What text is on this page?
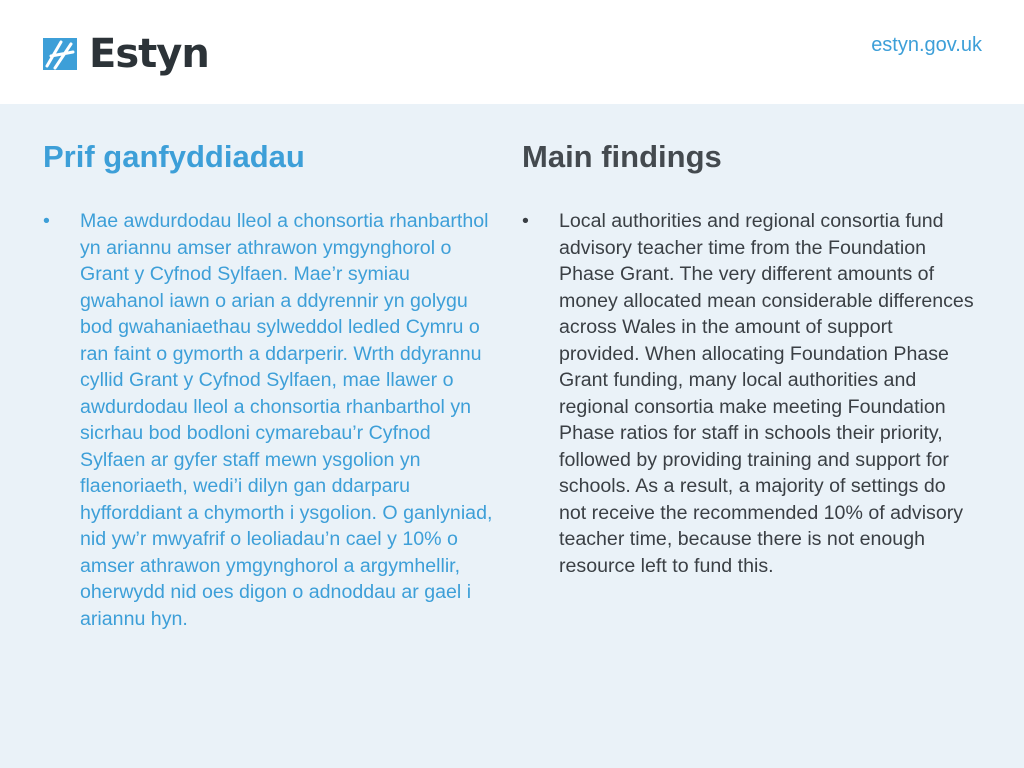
Estyn	estyn.gov.uk
Prif ganfyddiadau
• Mae awdurdodau lleol a chonsortia rhanbarthol yn ariannu amser athrawon ymgynghorol o Grant y Cyfnod Sylfaen. Mae’r symiau gwahanol iawn o arian a ddyrennir yn golygu bod gwahaniaethau sylweddol ledled Cymru o ran faint o gymorth a ddarperir. Wrth ddyrannu cyllid Grant y Cyfnod Sylfaen, mae llawer o awdurdodau lleol a chonsortia rhanbarthol yn sicrhau bod bodloni cymarebau’r Cyfnod Sylfaen ar gyfer staff mewn ysgolion yn flaenoriaeth, wedi’i dilyn gan ddarparu hyfforddiant a chymorth i ysgolion. O ganlyniad, nid yw’r mwyafrif o leoliadau’n cael y 10% o amser athrawon ymgynghorol a argymhellir, oherwydd nid oes digon o adnoddau ar gael i ariannu hyn.
Main findings
• Local authorities and regional consortia fund advisory teacher time from the Foundation Phase Grant. The very different amounts of money allocated mean considerable differences across Wales in the amount of support provided. When allocating Foundation Phase Grant funding, many local authorities and regional consortia make meeting Foundation Phase ratios for staff in schools their priority, followed by providing training and support for schools. As a result, a majority of settings do not receive the recommended 10% of advisory teacher time, because there is not enough resource left to fund this.
